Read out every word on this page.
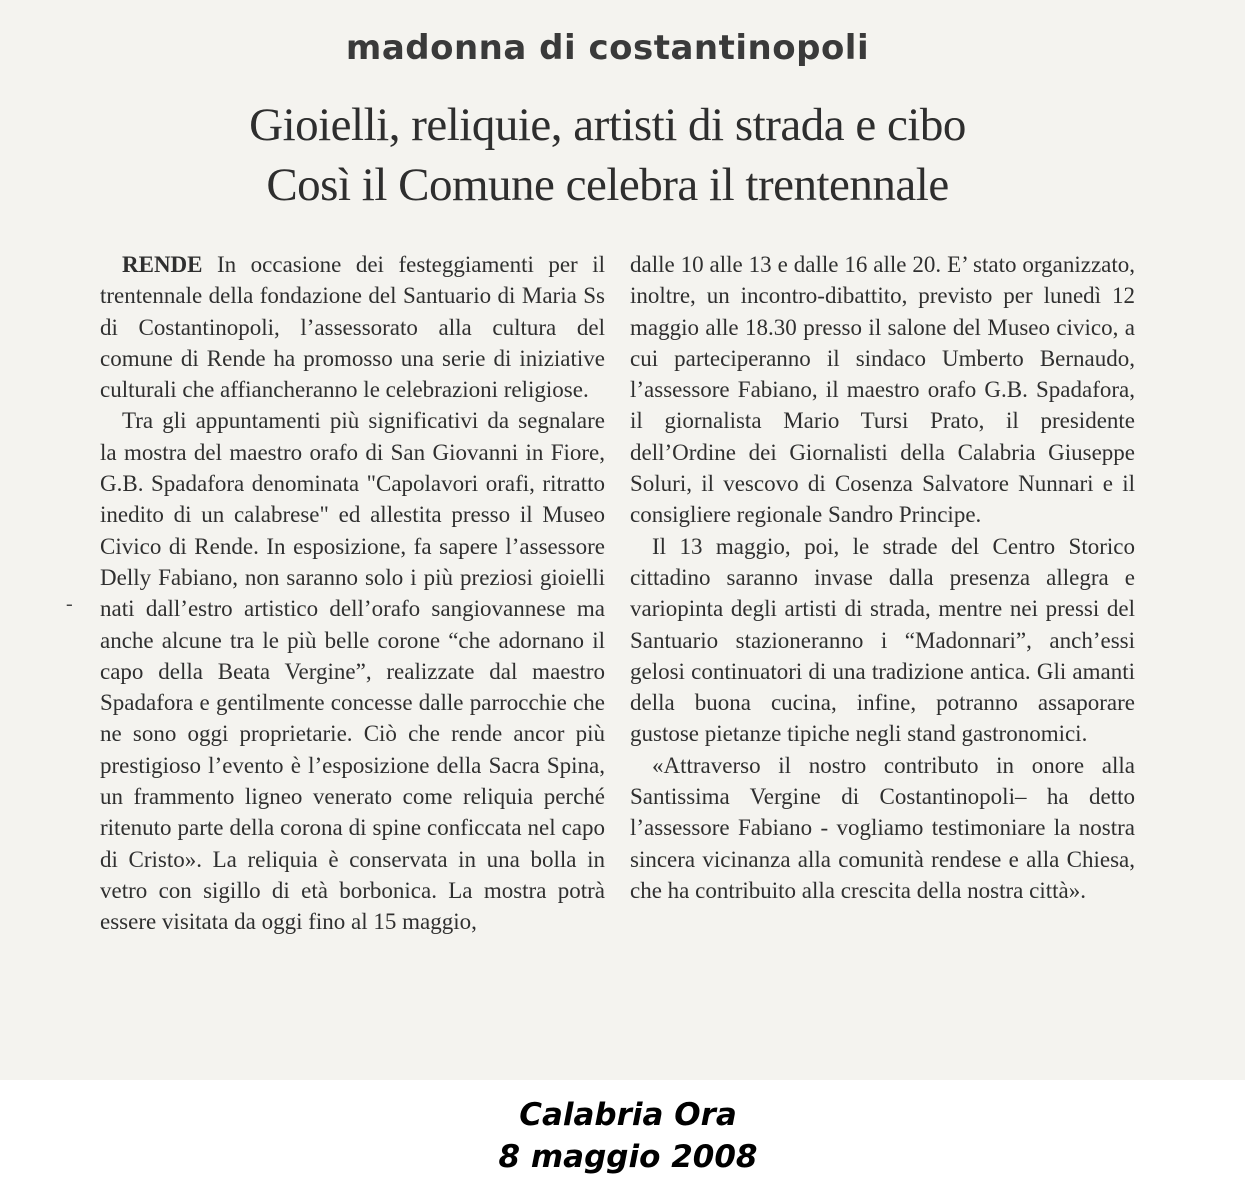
madonna di costantinopoli
Gioielli, reliquie, artisti di strada e cibo
Così il Comune celebra il trentennale
-

RENDE In occasione dei festeggiamenti per il trentennale della fondazione del Santuario di Maria Ss di Costantinopoli, l’assessorato alla cultura del comune di Rende ha promosso una serie di iniziative culturali che affiancheranno le celebrazioni religiose.

Tra gli appuntamenti più significativi da segnalare la mostra del maestro orafo di San Giovanni in Fiore, G.B. Spadafora denominata "Capolavori orafi, ritratto inedito di un calabrese" ed allestita presso il Museo Civico di Rende. In esposizione, fa sapere l’assessore Delly Fabiano, non saranno solo i più preziosi gioielli nati dall’estro artistico dell’orafo sangiovannese ma anche alcune tra le più belle corone “che adornano il capo della Beata Vergine”, realizzate dal maestro Spadafora e gentilmente concesse dalle parrocchie che ne sono oggi proprietarie. Ciò che rende ancor più prestigioso l’evento è l’esposizione della Sacra Spina, un frammento ligneo venerato come reliquia perché ritenuto parte della corona di spine conficcata nel capo di Cristo». La reliquia è conservata in una bolla in vetro con sigillo di età borbonica. La mostra potrà essere visitata da oggi fino al 15 maggio,

dalle 10 alle 13 e dalle 16 alle 20. E’ stato organizzato, inoltre, un incontro-dibattito, previsto per lunedì 12 maggio alle 18.30 presso il salone del Museo civico, a cui parteciperanno il sindaco Umberto Bernaudo, l’assessore Fabiano, il maestro orafo G.B. Spadafora, il giornalista Mario Tursi Prato, il presidente dell’Ordine dei Giornalisti della Calabria Giuseppe Soluri, il vescovo di Cosenza Salvatore Nunnari e il consigliere regionale Sandro Principe.

Il 13 maggio, poi, le strade del Centro Storico cittadino saranno invase dalla presenza allegra e variopinta degli artisti di strada, mentre nei pressi del Santuario stazioneranno i “Madonnari”, anch’essi gelosi continuatori di una tradizione antica. Gli amanti della buona cucina, infine, potranno assaporare gustose pietanze tipiche negli stand gastronomici.

«Attraverso il nostro contributo in onore alla Santissima Vergine di Costantinopoli– ha detto l’assessore Fabiano - vogliamo testimoniare la nostra sincera vicinanza alla comunità rendese e alla Chiesa, che ha contribuito alla crescita della nostra città».

Calabria Ora
8 maggio 2008
